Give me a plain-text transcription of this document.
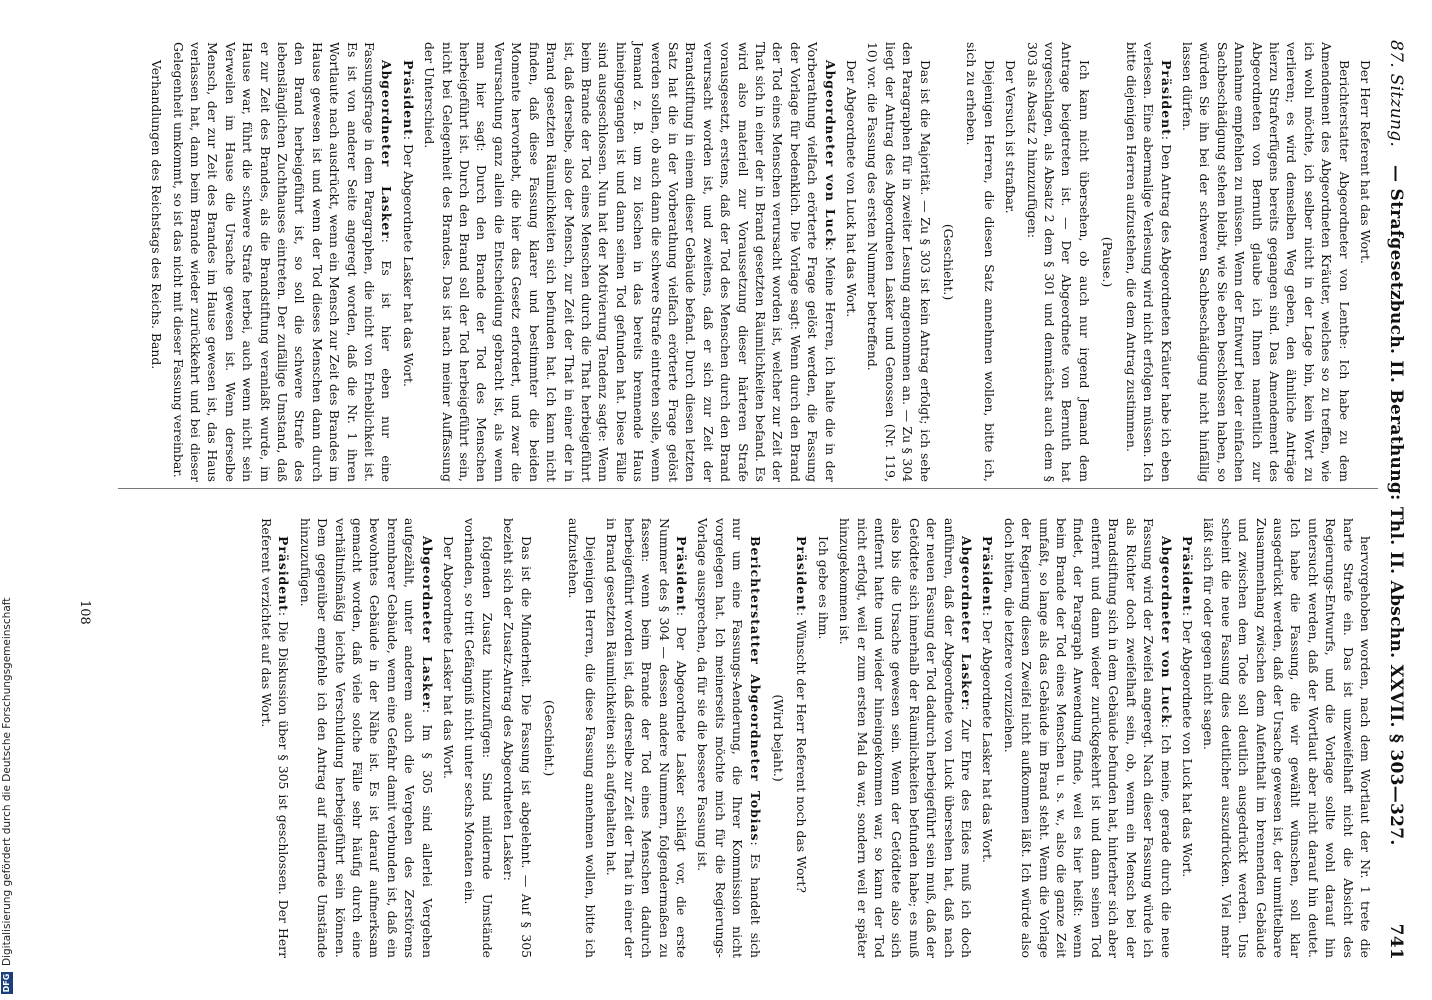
87. Sitzung.
— Strafgesetzbuch. II. Berathung: Thl. II. Abschn. XXVII. § 303—327.
741

Der Herr Referent hat das Wort.

Berichterstatter Abgeordneter von Lenthe: Ich habe zu dem Amendement des Abgeordneten Kräuter, welches so zu treffen, wie ich wohl möchte, ich selber nicht in der Lage bin, kein Wort zu verlieren; es wird demselben Weg geben, den ähnliche Anträge hierzu Strafverfügens bereits gegangen sind. Das Amendement des Abgeordneten von Bernuth glaube ich Ihnen namentlich zur Annahme empfehlen zu müssen. Wenn der Entwurf bei der einfachen Sachbeschädigung stehen bleibt, wie Sie eben beschlossen haben, so würden Sie ihn bei der schweren Sachbeschädigung nicht hinfällig lassen dürfen.

Präsident: Den Antrag des Abgeordneten Kräuter habe ich eben verlesen. Eine abermalige Verlesung wird nicht erfolgen müssen. Ich bitte diejenigen Herren aufzustehen, die dem Antrag zustimmen.

(Pause.)

Ich kann nicht übersehen, ob auch nur irgend Jemand dem Antrage beigetreten ist. — Der Abgeordnete von Bernuth hat vorgeschlagen, als Absatz 2 dem § 301 und demnächst auch dem § 303 als Absatz 2 hinzuzufügen:

Der Versuch ist strafbar.

Diejenigen Herren, die diesen Satz annehmen wollen, bitte ich, sich zu erheben.

(Geschieht.)

Das ist die Majorität. — Zu § 303 ist kein Antrag erfolgt; ich sehe den Paragraphen für in zweiter Lesung angenommen an. — Zu § 304 liegt der Antrag des Abgeordneten Lasker und Genossen (Nr. 119, 10) vor. die Fassung des ersten Nummer betreffend.

Der Abgeordnete von Luck hat das Wort.

Abgeordneter von Luck: Meine Herren, ich halte die in der Vorberathung vielfach erörterte Frage gelöst werden, die Fassung der Vorlage für bedenklich. Die Vorlage sagt: Wenn durch den Brand der Tod eines Menschen verursacht worden ist, welcher zur Zeit der That sich in einer der in Brand gesetzten Räumlichkeiten befand. Es wird also materiell zur Voraussetzung dieser härteren Strafe vorausgesetzt, erstens, daß der Tod des Menschen durch den Brand verursacht worden ist, und zweitens, daß er sich zur Zeit der Brandstiftung in einem dieser Gebäude befand. Durch diesen letzten Satz hat die in der Vorberathung vielfach erörterte Frage gelöst werden sollen, ob auch dann die schwere Strafe eintreten solle, wenn Jemand z. B. um zu löschen in das bereits brennende Haus hineingegangen ist und dann seinen Tod gefunden hat. Diese Fälle sind ausgeschlossen. Nun hat der Motivierung Tendenz sagte: Wenn beim Brande der Tod eines Menschen durch die That herbeigeführt ist, daß derselbe, also der Mensch, zur Zeit der That in einer der in Brand gesetzten Räumlichkeiten sich befunden hat. Ich kann nicht finden, daß diese Fassung klarer und bestimmter die beiden Momente hervorhebt, die hier das Gesetz erfordert, und zwar die Verursachung ganz allein die Entscheidung gebracht ist, als wenn man hier sagt: Durch den Brande der Tod des Menschen herbeigeführt ist. Durch den Brand soll der Tod herbeigeführt sein, nicht bei Gelegenheit des Brandes. Das ist nach meiner Auffassung der Unterschied.

Präsident: Der Abgeordnete Lasker hat das Wort.

Abgeordneter Lasker: Es ist hier eben nur eine Fassungsfrage in dem Paragraphen, die nicht von Erheblichkeit ist. Es ist von anderer Seite angeregt worden, daß die Nr. 1 ihren Wortlaute nach ausdrückt, wenn ein Mensch zur Zeit des Brandes im Hause gewesen ist und wenn der Tod dieses Menschen dann durch den Brand herbeigeführt ist, so soll die schwere Strafe des lebenslänglichen Zuchthauses eintreten. Der zufällige Umstand, daß er zur Zeit des Brandes, als die Brandstiftung veranlaßt wurde, im Hause war, führt die schwere Strafe herbei, auch wenn nicht sein Verweilen im Hause die Ursache gewesen ist. Wenn derselbe Mensch, der zur Zeit des Brandes im Hause gewesen ist, das Haus verlassen hat, dann beim Brande wieder zurückkehrt und bei dieser Gelegenheit umkommt, so ist das nicht mit dieser Fassung vereinbar.

Verhandlungen des Reichstags des Reichs. Band.

hervorgehoben worden, nach dem Wortlaut der Nr. 1 trete die harte Strafe ein. Das ist unzweifelhaft nicht die Absicht des Regierungs-Entwurfs, und die Vorlage sollte wohl darauf hin untersucht werden, daß der Wortlaut aber nicht darauf hin deutet. Ich habe die Fassung, die wir gewählt wünschen, soll klar ausgedrückt werden, daß der Ursache gewesen ist, der unmittelbare Zusammenhang zwischen dem Aufenthalt im brennenden Gebäude und zwischen dem Tode soll deutlich ausgedrückt werden. Uns scheint die neue Fassung dies deutlicher auszudrücken. Viel mehr läßt sich für oder gegen nicht sagen.

Präsident: Der Abgeordnete von Luck hat das Wort.

Abgeordneter von Luck: Ich meine, gerade durch die neue Fassung wird der Zweifel angeregt. Nach dieser Fassung würde ich als Richter doch zweifelhaft sein, ob, wenn ein Mensch bei der Brandstiftung sich in dem Gebäude befunden hat, hinterher sich aber entfernt und dann wieder zurückgekehrt ist und dann seinen Tod findet, der Paragraph Anwendung finde, weil es hier heißt: wenn beim Brande der Tod eines Menschen u. s. w., also die ganze Zeit umfaßt, so lange als das Gebäude im Brand steht. Wenn die Vorlage der Regierung diesen Zweifel nicht aufkommen läßt. Ich würde also doch bitten, die letztere vorzuziehen.

Präsident: Der Abgeordnete Lasker hat das Wort.

Abgeordneter Lasker: Zur Ehre des Eides muß ich doch anführen, daß der Abgeordnete von Luck übersehen hat, daß nach der neuen Fassung der Tod dadurch herbeigeführt sein muß, daß der Getödtete sich innerhalb der Räumlichkeiten befunden habe; es muß also bis die Ursache gewesen sein. Wenn der Getödtete also sich entfernt hatte und wieder hineingekommen war, so kann der Tod nicht erfolgt, weil er zum ersten Mal da war, sondern weil er später hinzugekommen ist.

Ich gebe es ihm.

Präsident: Wünscht der Herr Referent noch das Wort?

(Wird bejaht.)

Berichterstatter Abgeordneter Tobias: Es handelt sich nur um eine Fassungs-Aenderung, die Ihrer Kommission nicht vorgelegen hat. Ich meinerseits möchte mich für die Regierungs-Vorlage aussprechen, da für sie die bessere Fassung ist.

Präsident: Der Abgeordnete Lasker schlägt vor, die erste Nummer des § 304 — dessen andere Nummern, folgendermaßen zu fassen: wenn beim Brande der Tod eines Menschen dadurch herbeigeführt worden ist, daß derselbe zur Zeit der That in einer der in Brand gesetzten Räumlichkeiten sich aufgehalten hat.

Diejenigen Herren, die diese Fassung annehmen wollen, bitte ich aufzustehen.

(Geschieht.)

Das ist die Minderheit. Die Fassung ist abgelehnt. — Auf § 305 bezieht sich der Zusatz-Antrag des Abgeordneten Lasker:

folgenden Zusatz hinzuzufügen: Sind mildernde Umstände vorhanden, so tritt Gefängniß nicht unter sechs Monaten ein.

Der Abgeordnete Lasker hat das Wort.

Abgeordneter Lasker: Im § 305 sind allerlei Vergehen aufgezählt, unter anderem auch die Vergehen des Zerstörens brennbarer Gebäude, wenn eine Gefahr damit verbunden ist, daß ein bewohntes Gebäude in der Nähe ist. Es ist darauf aufmerksam gemacht worden, daß viele solche Fälle sehr häufig durch eine verhältnißmäßig leichte Verschuldung herbeigeführt sein können. Dem gegenüber empfehle ich den Antrag auf mildernde Umstände hinzuzufügen.

Präsident: Die Diskussion über § 305 ist geschlossen. Der Herr Referent verzichtet auf das Wort.

108
DFGDigitalisierung gefördert durch die Deutsche Forschungsgemeinschaft
